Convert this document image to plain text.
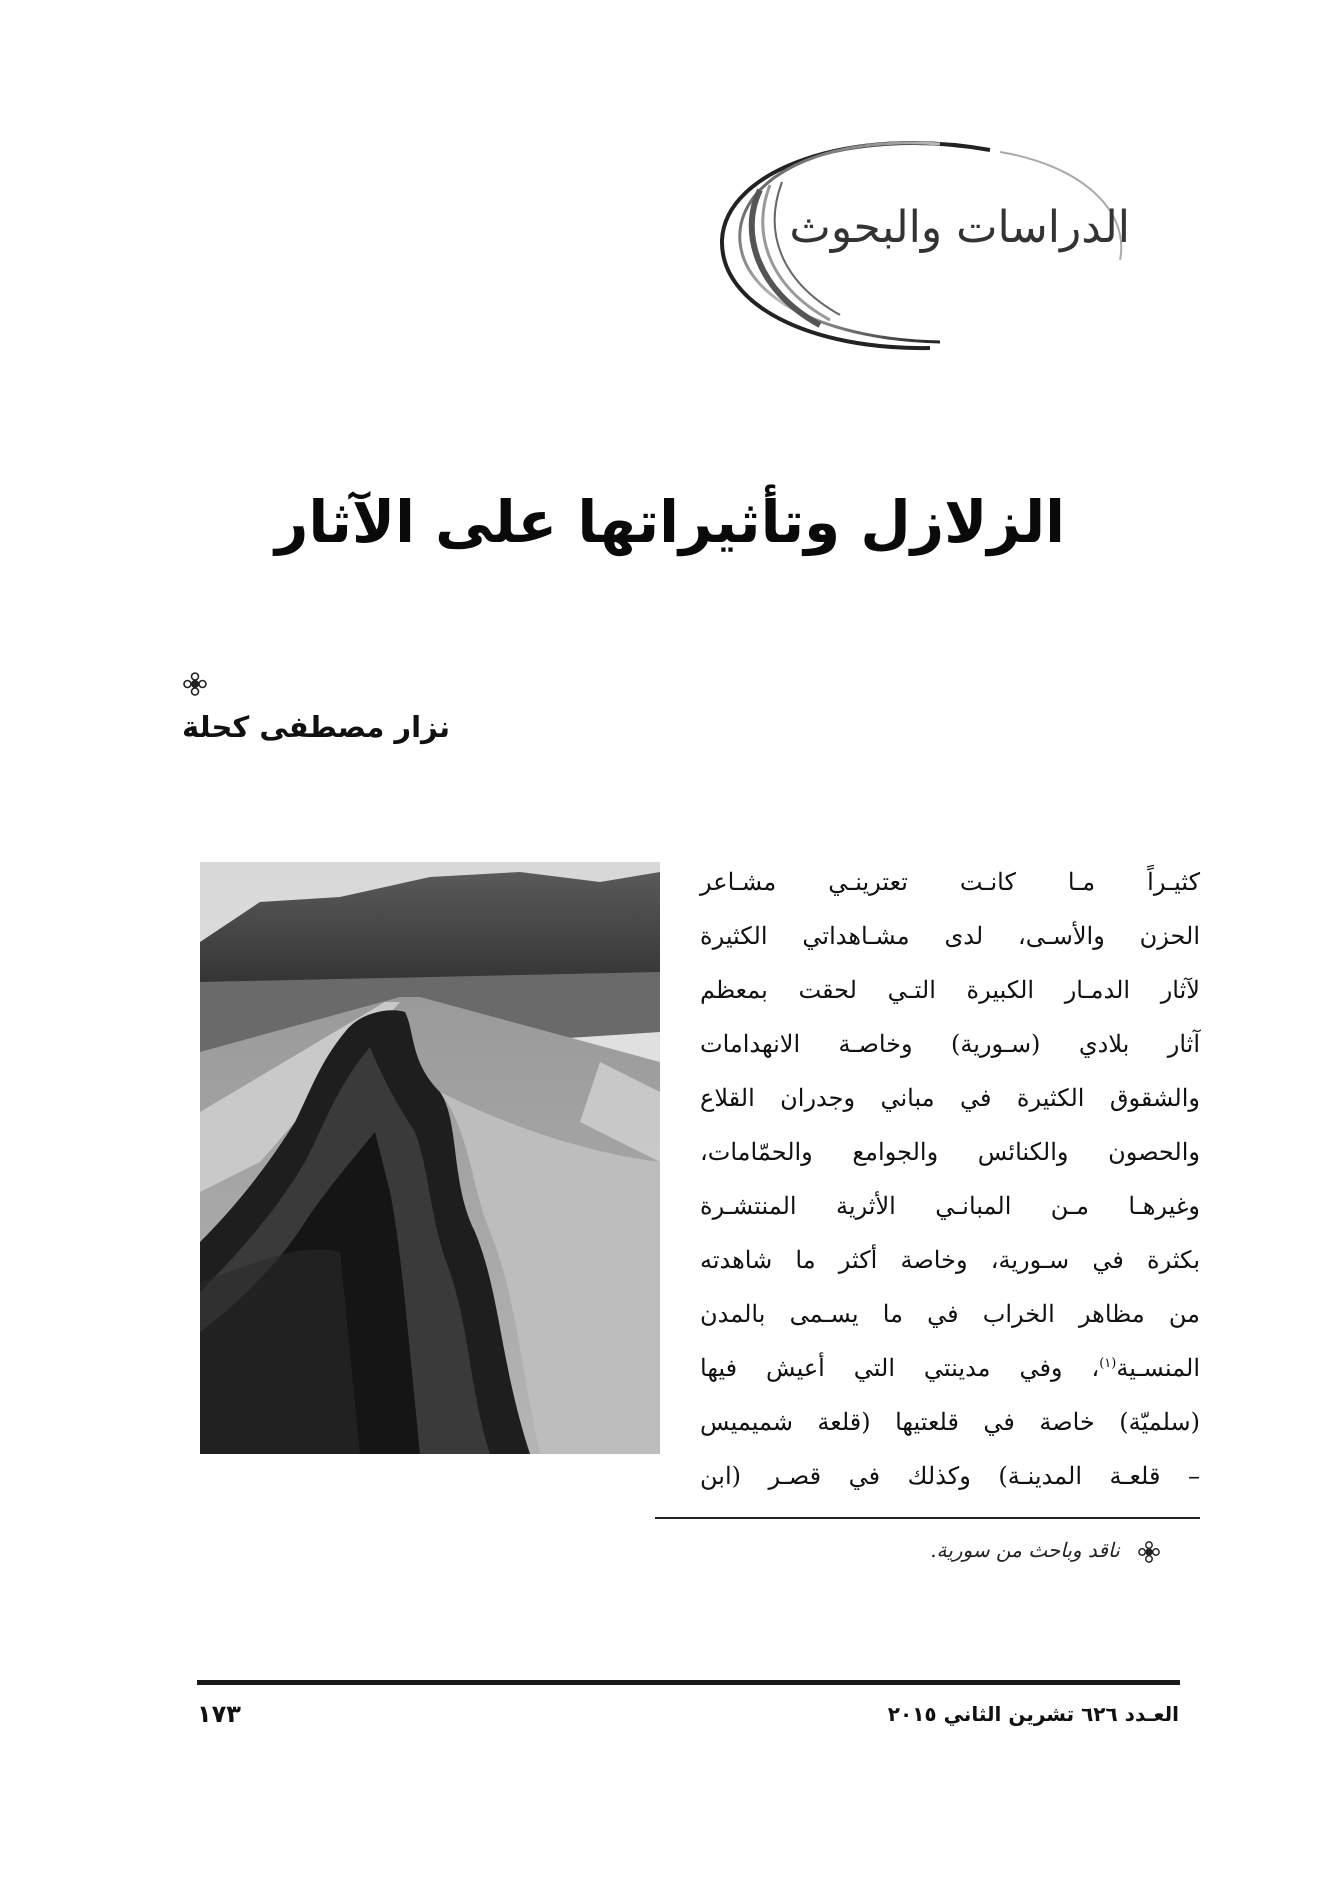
الدراسات والبحوث
الزلازل وتأثيراتها على الآثار
نزار مصطفى كحلة

كثيـراً مـا كانـت تعترينـي مشـاعر
الحزن والأسـى، لدى مشـاهداتي الكثيرة
لآثار الدمـار الكبيرة التـي لحقت بمعظم
آثار بلادي (سـورية) وخاصـة الانهدامات
والشقوق الكثيرة في مباني وجدران القلاع
والحصون والكنائس والجوامع والحمّامات،
وغيرهـا مـن المبانـي الأثرية المنتشـرة
بكثرة في سـورية، وخاصة أكثر ما شاهدته
من مظاهر الخراب في ما يسـمى بالمدن
المنسـية$^{(١)}$، وفي مدينتي التي أعيش فيها
(سلميّة) خاصة في قلعتيها (قلعة شميميس
– قلعـة المدينـة) وكذلك في قصـر (ابن

ناقد وباحث من سورية.
العـدد ٦٢٦ تشرين الثاني ٢٠١٥
١٧٣
